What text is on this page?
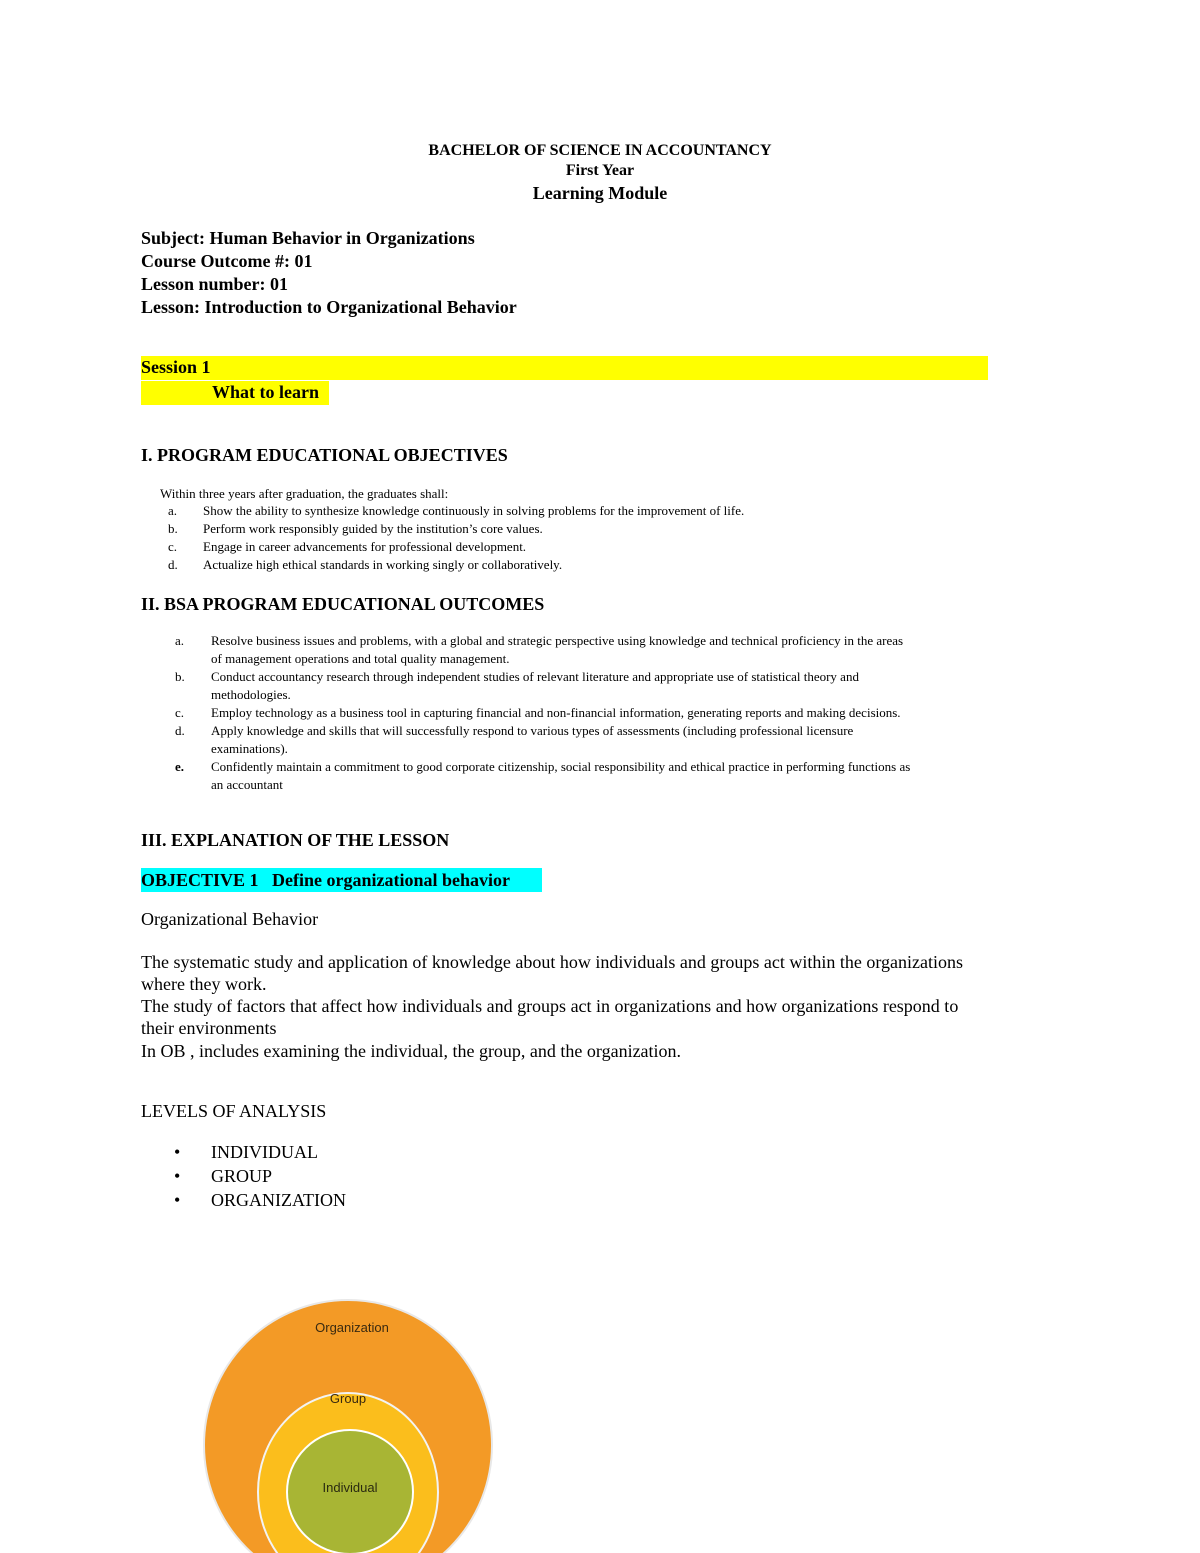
BACHELOR OF SCIENCE IN ACCOUNTANCY
First Year
Learning Module
Subject: Human Behavior in Organizations
Course Outcome #: 01
Lesson number: 01
Lesson: Introduction to Organizational Behavior
Session 1
What to learn
I. PROGRAM EDUCATIONAL OBJECTIVES
Within three years after graduation, the graduates shall:
a.	Show the ability to synthesize knowledge continuously in solving problems for the improvement of life.
b.	Perform work responsibly guided by the institution’s core values.
c.	Engage in career advancements for professional development.
d.	Actualize high ethical standards in working singly or collaboratively.
II. BSA PROGRAM EDUCATIONAL OUTCOMES
a.	Resolve business issues and problems, with a global and strategic perspective using knowledge and technical proficiency in the areas
of management operations and total quality management.
b.	Conduct accountancy research through independent studies of relevant literature and appropriate use of statistical theory and
methodologies.
c.	Employ technology as a business tool in capturing financial and non-financial information, generating reports and making decisions.
d.	Apply knowledge and skills that will successfully respond to various types of assessments (including professional licensure
examinations).
e.	Confidently maintain a commitment to good corporate citizenship, social responsibility and ethical practice in performing functions as
an accountant
III. EXPLANATION OF THE LESSON
OBJECTIVE 1   Define organizational behavior
Organizational Behavior
The systematic study and application of knowledge about how individuals and groups act within the organizations
where they work.
The study of factors that affect how individuals and groups act in organizations and how organizations respond to
their environments
In OB , includes examining the individual, the group, and the organization.
LEVELS OF ANALYSIS
• INDIVIDUAL
• GROUP
• ORGANIZATION
Organization
Group
Individual
